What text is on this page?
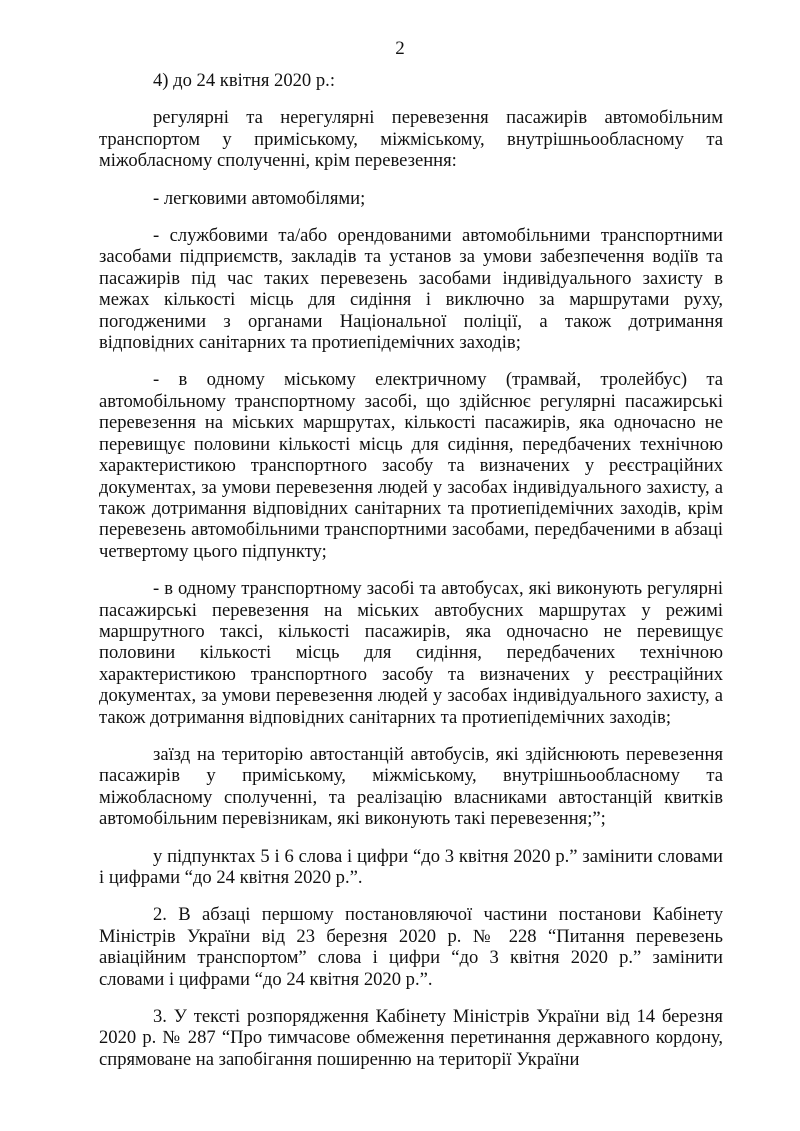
2

4) до 24 квітня 2020 р.:

регулярні та нерегулярні перевезення пасажирів автомобільним транспортом у приміському, міжміському, внутрішньообласному та міжобласному сполученні, крім перевезення:

- легковими автомобілями;

- службовими та/або орендованими автомобільними транспортними засобами підприємств, закладів та установ за умови забезпечення водіїв та пасажирів під час таких перевезень засобами індивідуального захисту в межах кількості місць для сидіння і виключно за маршрутами руху, погодженими з органами Національної поліції, а також дотримання відповідних санітарних та протиепідемічних заходів;

- в одному міському електричному (трамвай, тролейбус) та автомобільному транспортному засобі, що здійснює регулярні пасажирські перевезення на міських маршрутах, кількості пасажирів, яка одночасно не перевищує половини кількості місць для сидіння, передбачених технічною характеристикою транспортного засобу та визначених у реєстраційних документах, за умови перевезення людей у засобах індивідуального захисту, а також дотримання відповідних санітарних та протиепідемічних заходів, крім перевезень автомобільними транспортними засобами, передбаченими в абзаці четвертому цього підпункту;

- в одному транспортному засобі та автобусах, які виконують регулярні пасажирські перевезення на міських автобусних маршрутах у режимі маршрутного таксі, кількості пасажирів, яка одночасно не перевищує половини кількості місць для сидіння, передбачених технічною характеристикою транспортного засобу та визначених у реєстраційних документах, за умови перевезення людей у засобах індивідуального захисту, а також дотримання відповідних санітарних та протиепідемічних заходів;

заїзд на територію автостанцій автобусів, які здійснюють перевезення пасажирів у приміському, міжміському, внутрішньообласному та міжобласному сполученні, та реалізацію власниками автостанцій квитків автомобільним перевізникам, які виконують такі перевезення;”;

у підпунктах 5 і 6 слова і цифри “до 3 квітня 2020 р.” замінити словами і цифрами “до 24 квітня 2020 р.”.

2. В абзаці першому постановляючої частини постанови Кабінету Міністрів України від 23 березня 2020 р. № 228 “Питання перевезень авіаційним транспортом” слова і цифри “до 3 квітня 2020 р.” замінити словами і цифрами “до 24 квітня 2020 р.”.

3. У тексті розпорядження Кабінету Міністрів України від 14 березня 2020 р. № 287 “Про тимчасове обмеження перетинання державного кордону, спрямоване на запобігання поширенню на території України
